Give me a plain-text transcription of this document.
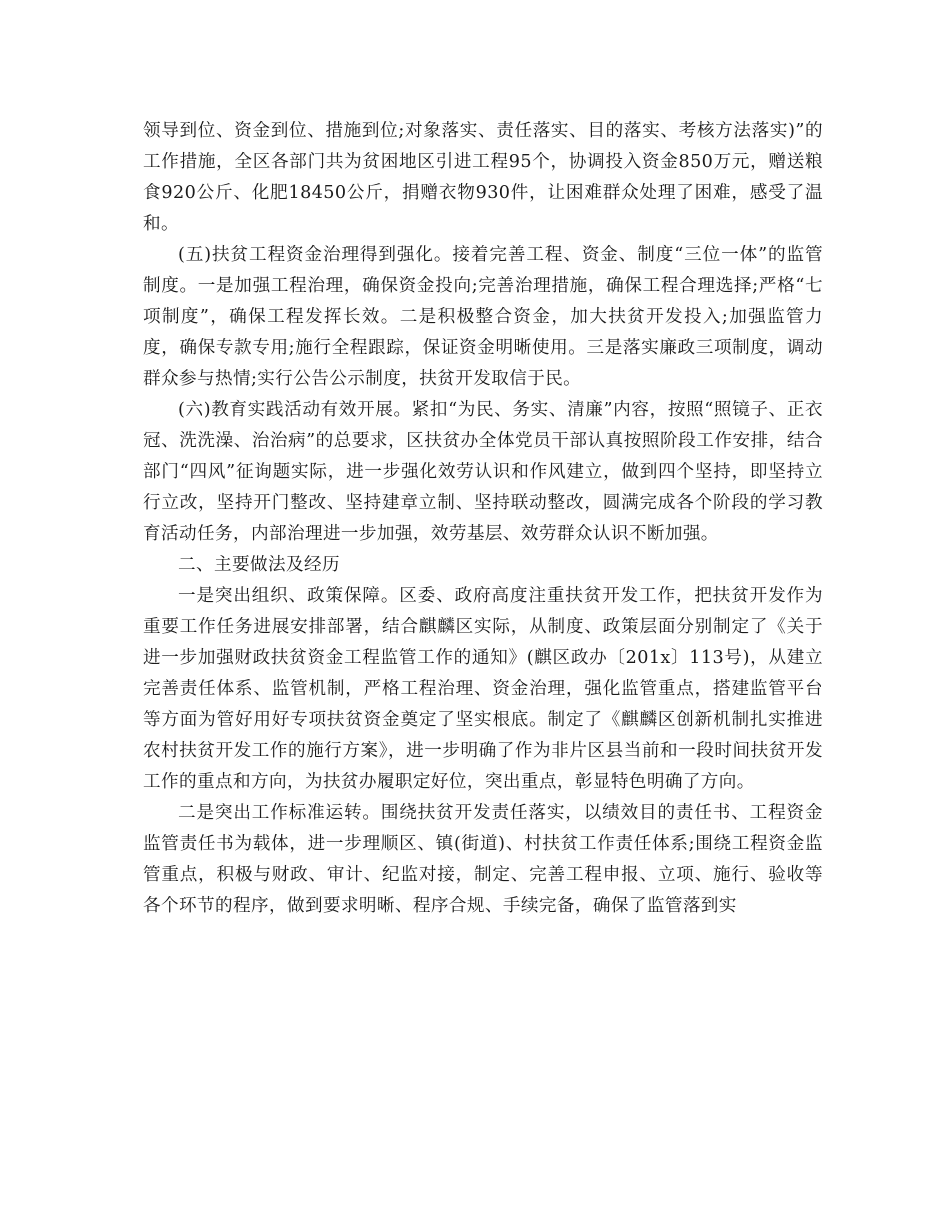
领导到位、资金到位、措施到位;对象落实、责任落实、目的落实、考核方法落实)”的工作措施，全区各部门共为贫困地区引进工程95个，协调投入资金850万元，赠送粮食920公斤、化肥18450公斤，捐赠衣物930件，让困难群众处理了困难，感受了温和。

(五)扶贫工程资金治理得到强化。接着完善工程、资金、制度“三位一体”的监管制度。一是加强工程治理，确保资金投向;完善治理措施，确保工程合理选择;严格“七项制度”，确保工程发挥长效。二是积极整合资金，加大扶贫开发投入;加强监管力度，确保专款专用;施行全程跟踪，保证资金明晰使用。三是落实廉政三项制度，调动群众参与热情;实行公告公示制度，扶贫开发取信于民。

(六)教育实践活动有效开展。紧扣“为民、务实、清廉”内容，按照“照镜子、正衣冠、洗洗澡、治治病”的总要求，区扶贫办全体党员干部认真按照阶段工作安排，结合部门“四风”征询题实际，进一步强化效劳认识和作风建立，做到四个坚持，即坚持立行立改，坚持开门整改、坚持建章立制、坚持联动整改，圆满完成各个阶段的学习教育活动任务，内部治理进一步加强，效劳基层、效劳群众认识不断加强。

二、主要做法及经历

一是突出组织、政策保障。区委、政府高度注重扶贫开发工作，把扶贫开发作为重要工作任务进展安排部署，结合麒麟区实际，从制度、政策层面分别制定了《关于进一步加强财政扶贫资金工程监管工作的通知》(麒区政办〔201x〕113号)，从建立完善责任体系、监管机制，严格工程治理、资金治理，强化监管重点，搭建监管平台等方面为管好用好专项扶贫资金奠定了坚实根底。制定了《麒麟区创新机制扎实推进农村扶贫开发工作的施行方案》，进一步明确了作为非片区县当前和一段时间扶贫开发工作的重点和方向，为扶贫办履职定好位，突出重点，彰显特色明确了方向。

二是突出工作标准运转。围绕扶贫开发责任落实，以绩效目的责任书、工程资金监管责任书为载体，进一步理顺区、镇(街道)、村扶贫工作责任体系;围绕工程资金监管重点，积极与财政、审计、纪监对接，制定、完善工程申报、立项、施行、验收等各个环节的程序，做到要求明晰、程序合规、手续完备，确保了监管落到实
